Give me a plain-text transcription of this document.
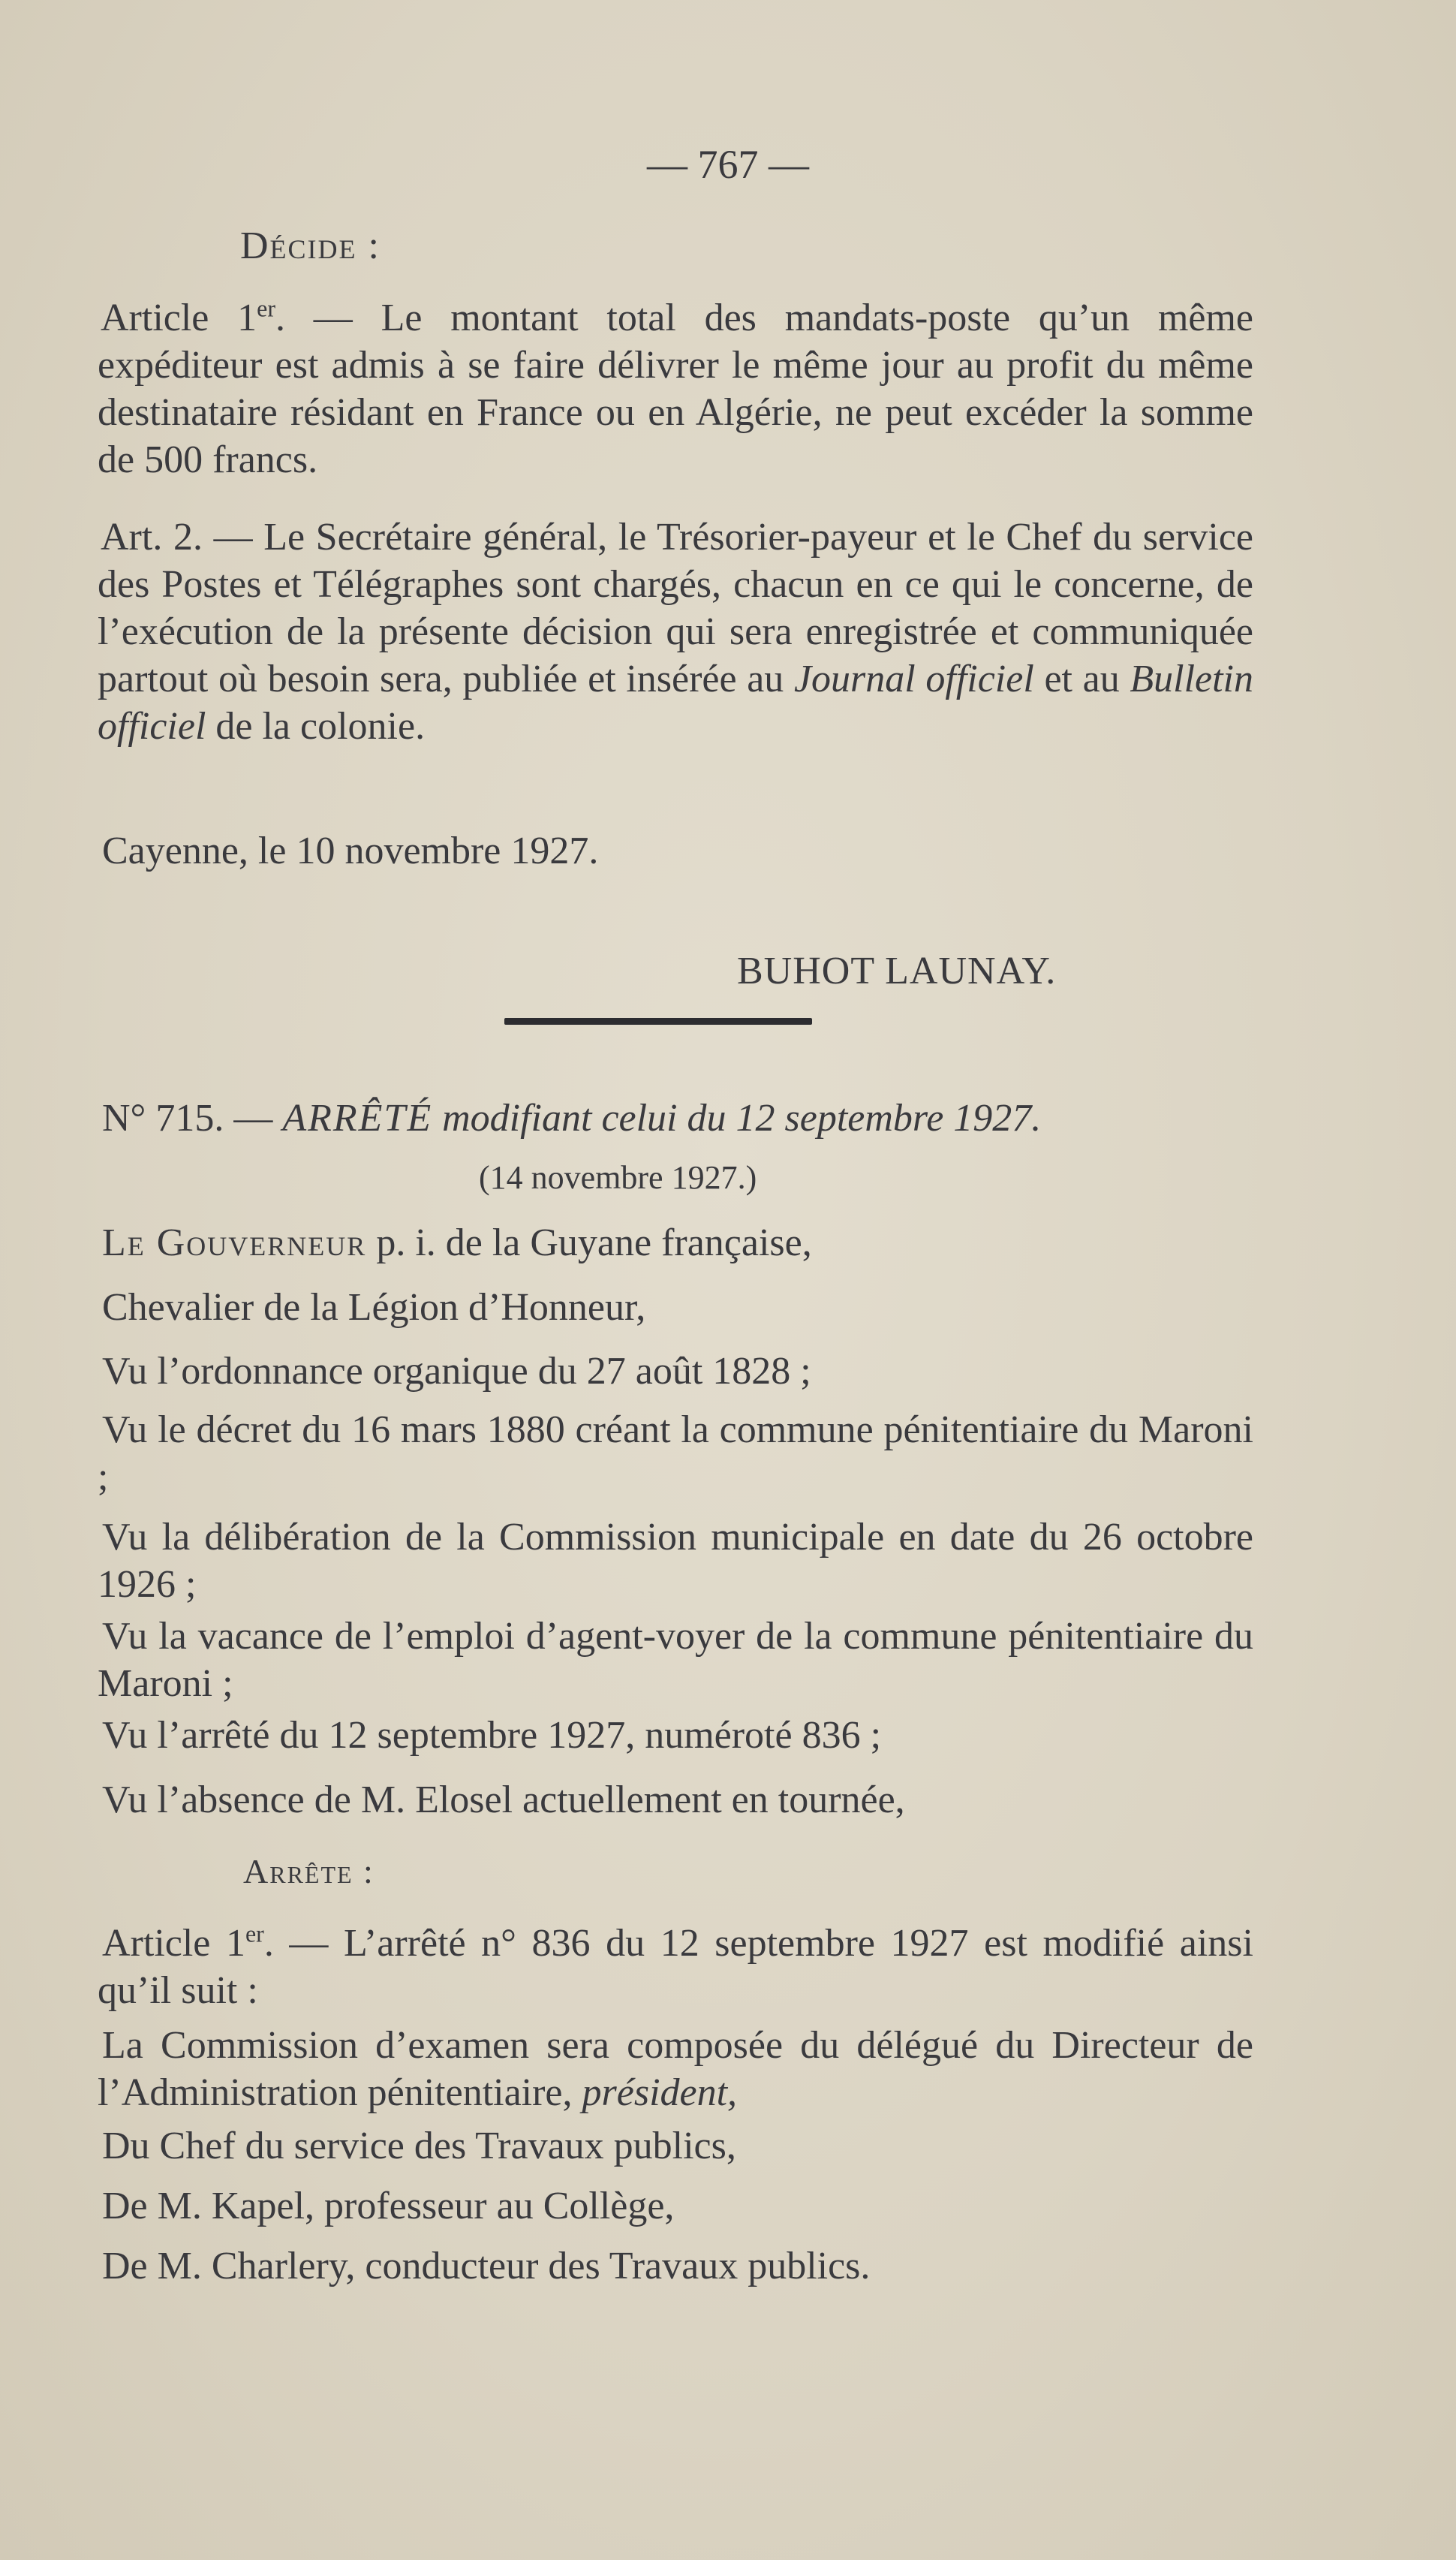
— 767 —
Décide :

Article 1er. — Le montant total des mandats-poste qu’un même expéditeur est admis à se faire délivrer le même jour au profit du même destinataire résidant en France ou en Algérie, ne peut excéder la somme de 500 francs.

Art. 2. — Le Secrétaire général, le Trésorier-payeur et le Chef du service des Postes et Télégraphes sont chargés, chacun en ce qui le concerne, de l’exécution de la présente décision qui sera enregistrée et communiquée partout où besoin sera, publiée et insérée au Journal officiel et au Bulletin officiel de la colonie.

Cayenne, le 10 novembre 1927.
BUHOT LAUNAY.
N° 715. — ARRÊTÉ modifiant celui du 12 septembre 1927.
(14 novembre 1927.)
Le Gouverneur p. i. de la Guyane française,
Chevalier de la Légion d’Honneur,
Vu l’ordonnance organique du 27 août 1828 ;

Vu le décret du 16 mars 1880 créant la commune pénitentiaire du Maroni ;

Vu la délibération de la Commission municipale en date du 26 octobre 1926 ;

Vu la vacance de l’emploi d’agent-voyer de la commune pénitentiaire du Maroni ;

Vu l’arrêté du 12 septembre 1927, numéroté 836 ;
Vu l’absence de M. Elosel actuellement en tournée,
Arrête :

Article 1er. — L’arrêté n° 836 du 12 septembre 1927 est modifié ainsi qu’il suit :

La Commission d’examen sera composée du délégué du Directeur de l’Administration pénitentiaire, président,

Du Chef du service des Travaux publics,
De M. Kapel, professeur au Collège,
De M. Charlery, conducteur des Travaux publics.
